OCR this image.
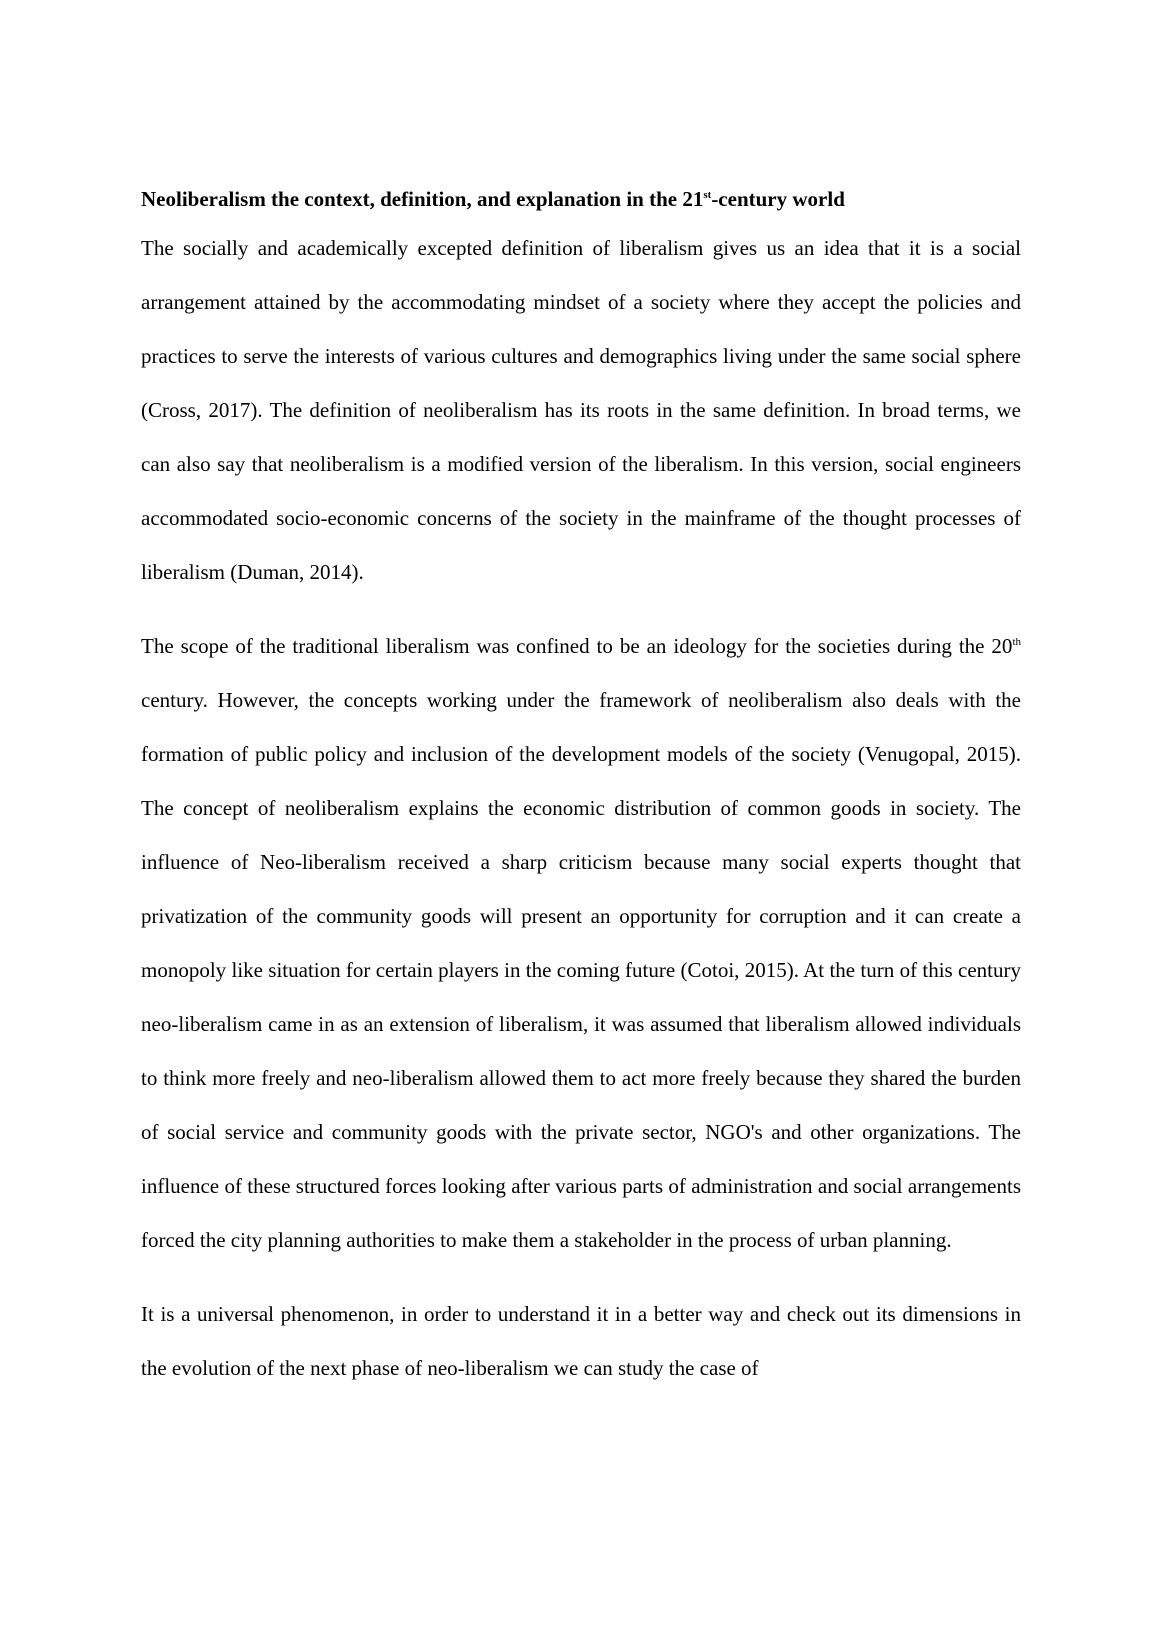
Neoliberalism the context, definition, and explanation in the 21st-century world

The socially and academically excepted definition of liberalism gives us an idea that it is a social arrangement attained by the accommodating mindset of a society where they accept the policies and practices to serve the interests of various cultures and demographics living under the same social sphere (Cross, 2017). The definition of neoliberalism has its roots in the same definition. In broad terms, we can also say that neoliberalism is a modified version of the liberalism. In this version, social engineers accommodated socio-economic concerns of the society in the mainframe of the thought processes of liberalism (Duman, 2014).

The scope of the traditional liberalism was confined to be an ideology for the societies during the 20th century. However, the concepts working under the framework of neoliberalism also deals with the formation of public policy and inclusion of the development models of the society (Venugopal, 2015). The concept of neoliberalism explains the economic distribution of common goods in society. The influence of Neo-liberalism received a sharp criticism because many social experts thought that privatization of the community goods will present an opportunity for corruption and it can create a monopoly like situation for certain players in the coming future (Cotoi, 2015). At the turn of this century neo-liberalism came in as an extension of liberalism, it was assumed that liberalism allowed individuals to think more freely and neo-liberalism allowed them to act more freely because they shared the burden of social service and community goods with the private sector, NGO's and other organizations. The influence of these structured forces looking after various parts of administration and social arrangements forced the city planning authorities to make them a stakeholder in the process of urban planning.

It is a universal phenomenon, in order to understand it in a better way and check out its dimensions in the evolution of the next phase of neo-liberalism we can study the case of
